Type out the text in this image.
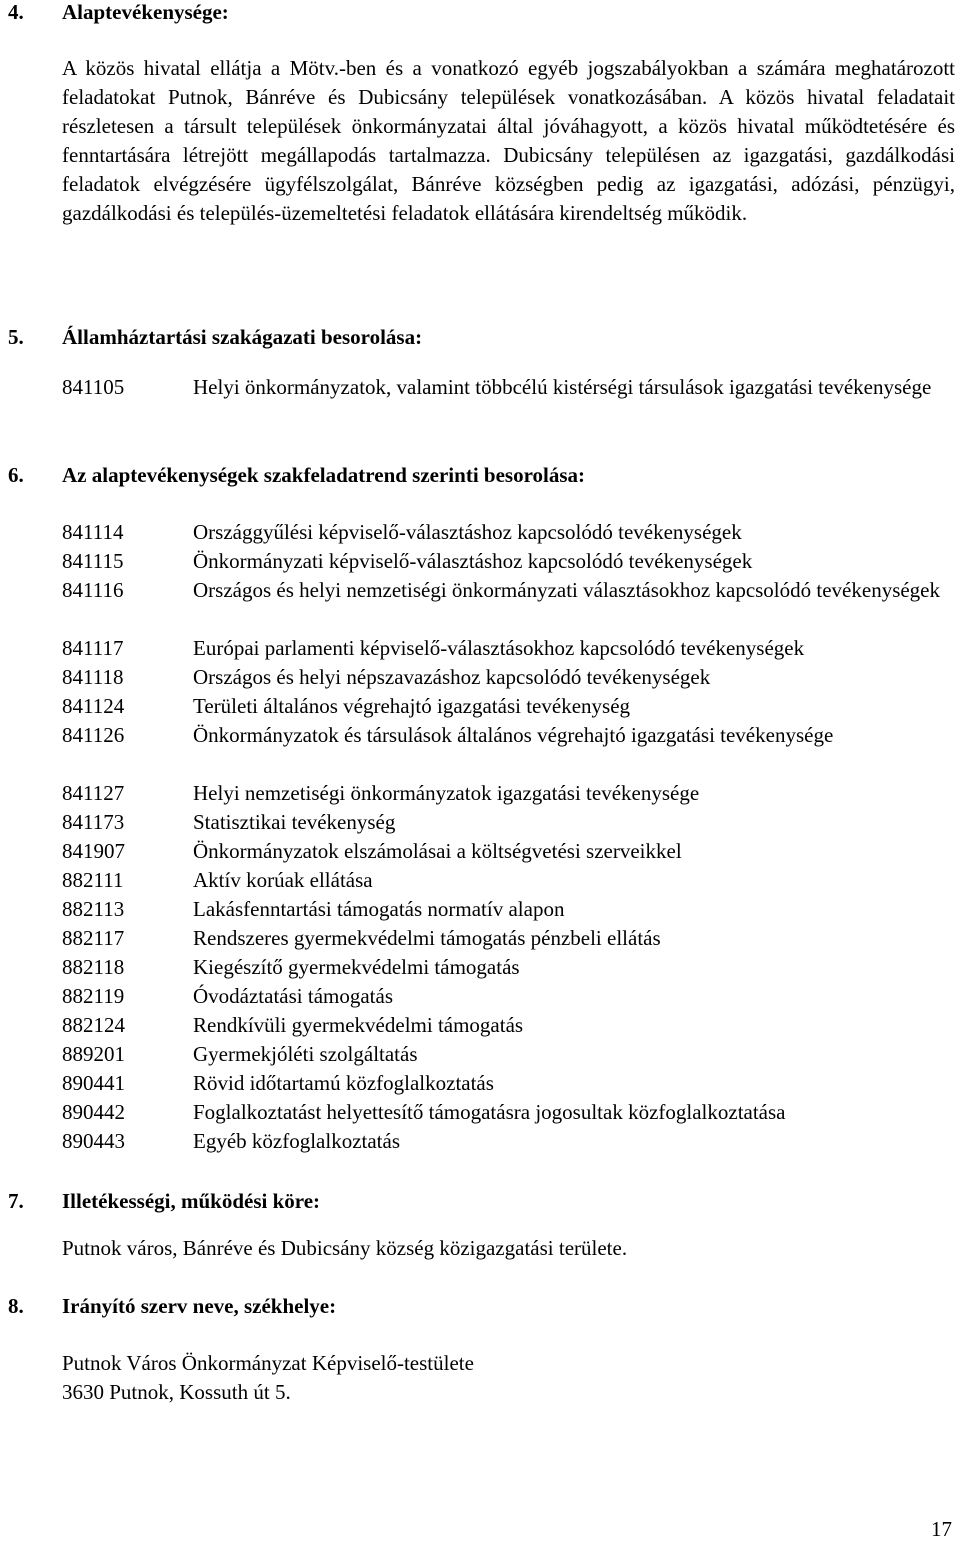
4. Alaptevékenysége:
A közös hivatal ellátja a Mötv.-ben és a vonatkozó egyéb jogszabályokban a számára meghatározott feladatokat Putnok, Bánréve és Dubicsány települések vonatkozásában. A közös hivatal feladatait részletesen a társult települések önkormányzatai által jóváhagyott, a közös hivatal működtetésére és fenntartására létrejött megállapodás tartalmazza. Dubicsány településen az igazgatási, gazdálkodási feladatok elvégzésére ügyfélszolgálat, Bánréve községben pedig az igazgatási, adózási, pénzügyi, gazdálkodási és település-üzemeltetési feladatok ellátására kirendeltség működik.
5. Államháztartási szakágazati besorolása:
841105	Helyi önkormányzatok, valamint többcélú kistérségi társulások igazgatási tevékenysége
6. Az alaptevékenységek szakfeladatrend szerinti besorolása:
841114	Országgyűlési képviselő-választáshoz kapcsolódó tevékenységek
841115	Önkormányzati képviselő-választáshoz kapcsolódó tevékenységek
841116	Országos és helyi nemzetiségi önkormányzati választásokhoz kapcsolódó tevékenységek
841117	Európai parlamenti képviselő-választásokhoz kapcsolódó tevékenységek
841118	Országos és helyi népszavazáshoz kapcsolódó tevékenységek
841124	Területi általános végrehajtó igazgatási tevékenység
841126	Önkormányzatok és társulások általános végrehajtó igazgatási tevékenysége
841127	Helyi nemzetiségi önkormányzatok igazgatási tevékenysége
841173	Statisztikai tevékenység
841907	Önkormányzatok elszámolásai a költségvetési szerveikkel
882111	Aktív korúak ellátása
882113	Lakásfenntartási támogatás normatív alapon
882117	Rendszeres gyermekvédelmi támogatás pénzbeli ellátás
882118	Kiegészítő gyermekvédelmi támogatás
882119	Óvodáztatási támogatás
882124	Rendkívüli gyermekvédelmi támogatás
889201	Gyermekjóléti szolgáltatás
890441	Rövid időtartamú közfoglalkoztatás
890442	Foglalkoztatást helyettesítő támogatásra jogosultak közfoglalkoztatása
890443	Egyéb közfoglalkoztatás
7. Illetékességi, működési köre:
Putnok város, Bánréve és Dubicsány község közigazgatási területe.
8. Irányító szerv neve, székhelye:
Putnok Város Önkormányzat Képviselő-testülete
3630 Putnok, Kossuth út 5.
17
